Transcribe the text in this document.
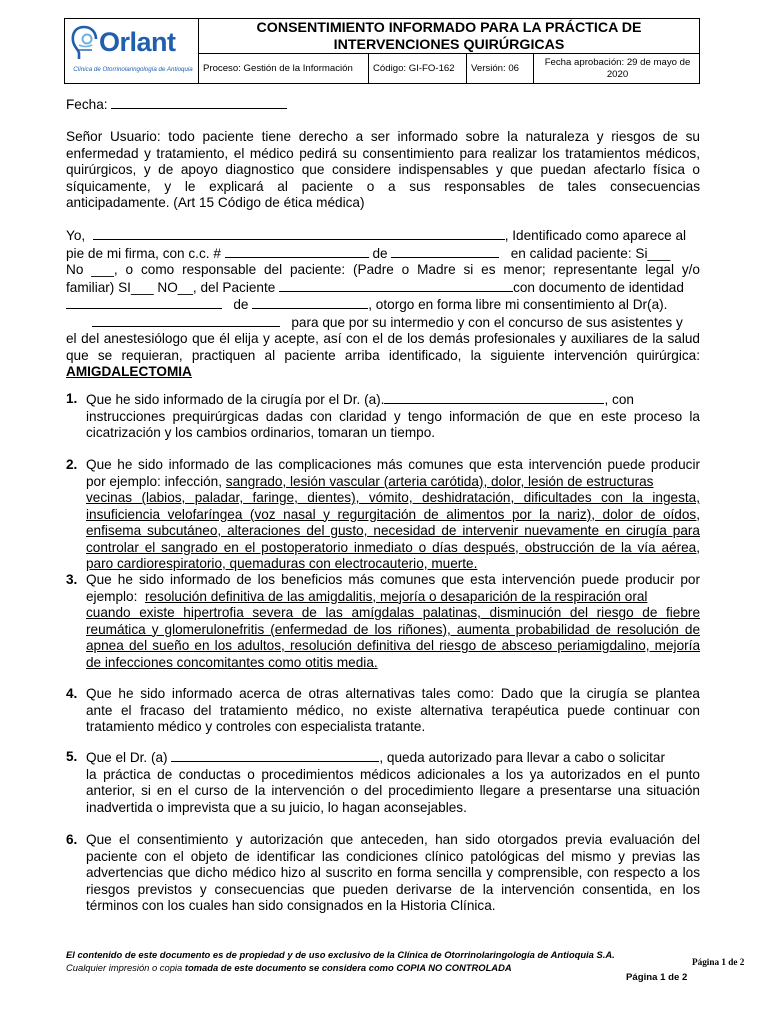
Orlant
Clínica de Otorrinolaringología de Antioquia
CONSENTIMIENTO INFORMADO PARA LA PRÁCTICA DE
INTERVENCIONES QUIRÚRGICAS
Proceso: Gestión de la Información	Código: GI-FO-162	Versión: 06
Fecha aprobación: 29 de mayo de
2020
Fecha:
Señor Usuario: todo paciente tiene derecho a ser informado sobre la naturaleza y riesgos de su
enfermedad y tratamiento, el médico pedirá su consentimiento para realizar los tratamientos médicos,
quirúrgicos, y de apoyo diagnostico que considere indispensables y que puedan afectarlo física o
síquicamente, y le explicará al paciente o a sus responsables de tales consecuencias
anticipadamente. (Art 15 Código de ética médica)
Yo,	, Identificado como aparece al
pie de mi firma, con c.c. #	de	en calidad paciente: Si___
No ___, o como responsable del paciente: (Padre o Madre si es menor; representante legal y/o
familiar) SI___ NO__, del Paciente	con documento de identidad
de	, otorgo en forma libre mi consentimiento al Dr(a).
para que por su intermedio y con el concurso de sus asistentes y
el del anestesiólogo que él elija y acepte, así con el de los demás profesionales y auxiliares de la salud
que se requieran, practiquen al paciente arriba identificado, la siguiente intervención quirúrgica:
AMIGDALECTOMIA
1. Que he sido informado de la cirugía por el Dr. (a).	, con
instrucciones prequirúrgicas dadas con claridad y tengo información de que en este proceso la
cicatrización y los cambios ordinarios, tomaran un tiempo.
2. Que he sido informado de las complicaciones más comunes que esta intervención puede producir
por ejemplo: infección, sangrado, lesión vascular (arteria carótida), dolor, lesión de estructuras
vecinas (labios, paladar, faringe, dientes), vómito, deshidratación, dificultades con la ingesta,
insuficiencia velofaríngea (voz nasal y regurgitación de alimentos por la nariz), dolor de oídos,
enfisema subcutáneo, alteraciones del gusto, necesidad de intervenir nuevamente en cirugía para
controlar el sangrado en el postoperatorio inmediato o días después, obstrucción de la vía aérea,
paro cardiorespiratorio, quemaduras con electrocauterio, muerte.
3. Que he sido informado de los beneficios más comunes que esta intervención puede producir por
ejemplo: resolución definitiva de las amigdalitis, mejoría o desaparición de la respiración oral
cuando existe hipertrofia severa de las amígdalas palatinas, disminución del riesgo de fiebre
reumática y glomerulonefritis (enfermedad de los riñones), aumenta probabilidad de resolución de
apnea del sueño en los adultos, resolución definitiva del riesgo de absceso periamigdalino, mejoría
de infecciones concomitantes como otitis media.
4. Que he sido informado acerca de otras alternativas tales como: Dado que la cirugía se plantea
ante el fracaso del tratamiento médico, no existe alternativa terapéutica puede continuar con
tratamiento médico y controles con especialista tratante.
5. Que el Dr. (a)	, queda autorizado para llevar a cabo o solicitar
la práctica de conductas o procedimientos médicos adicionales a los ya autorizados en el punto
anterior, si en el curso de la intervención o del procedimiento llegare a presentarse una situación
inadvertida o imprevista que a su juicio, lo hagan aconsejables.
6. Que el consentimiento y autorización que anteceden, han sido otorgados previa evaluación del
paciente con el objeto de identificar las condiciones clínico patológicas del mismo y previas las
advertencias que dicho médico hizo al suscrito en forma sencilla y comprensible, con respecto a los
riesgos previstos y consecuencias que pueden derivarse de la intervención consentida, en los
términos con los cuales han sido consignados en la Historia Clínica.
El contenido de este documento es de propiedad y de uso exclusivo de la Clínica de Otorrinolaringología de Antioquia S.A.
Cualquier impresión o copia tomada de este documento se considera como COPIA NO CONTROLADA	Página 1 de 2
Página 1 de 2
